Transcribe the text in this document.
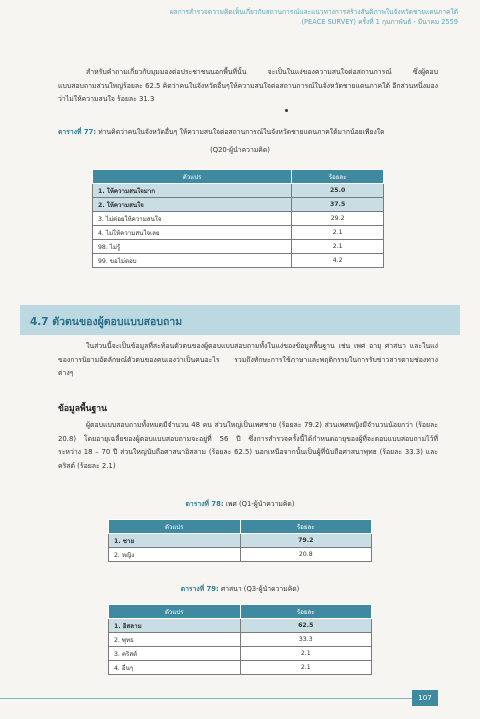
ผลการสำรวจความคิดเห็นเกี่ยวกับสถานการณ์และแนวทางการสร้างสันติภาพในจังหวัดชายแดนภาคใต้
(PEACE SURVEY) ครั้งที่ 1 กุมภาพันธ์ - มีนาคม 2559

สำหรับคำถามเกี่ยวกับมุมมองต่อประชาชนนอกพื้นที่นั้น จะเป็นในแง่ของความสนใจต่อสถานการณ์ ซึ่งผู้ตอบแบบสอบถามส่วนใหญ่ร้อยละ 62.5 คิดว่าคนในจังหวัดอื่นๆให้ความสนใจต่อสถานการณ์ในจังหวัดชายแดนภาคใต้ อีกส่วนหนึ่งมองว่าไม่ให้ความสนใจ ร้อยละ 31.3

ตารางที่ 77: ท่านคิดว่าคนในจังหวัดอื่นๆ ให้ความสนใจต่อสถานการณ์ในจังหวัดชายแดนภาคใต้มากน้อยเพียงใด

(Q20-ผู้นำความคิด)

ตัวแปร	ร้อยละ
1. ให้ความสนใจมาก	25.0
2. ให้ความสนใจ	37.5
3. ไม่ค่อยให้ความสนใจ	29.2
4. ไม่ให้ความสนใจเลย	2.1
98. ไม่รู้	2.1
99. ขอไม่ตอบ	4.2

4.7 ตัวตนของผู้ตอบแบบสอบถาม

ในส่วนนี้จะเป็นข้อมูลที่สะท้อนตัวตนของผู้ตอบแบบสอบถามทั้งในแง่ของข้อมูลพื้นฐาน เช่น เพศ อายุ ศาสนา และในแง่ของการนิยามอัตลักษณ์ตัวตนของคนเองว่าเป็นคนอะไร รวมถึงทักษะการใช้ภาษาและพฤติกรรมในการรับข่าวสารตามช่องทางต่างๆ

ข้อมูลพื้นฐาน

ผู้ตอบแบบสอบถามทั้งหมดมีจำนวน 48 คน ส่วนใหญ่เป็นเพศชาย (ร้อยละ 79.2) ส่วนเพศหญิงมีจำนวนน้อยกว่า (ร้อยละ 20.8) โดยอายุเฉลี่ยของผู้ตอบแบบสอบถามจะอยู่ที่ 56 ปี ซึ่งการสำรวจครั้งนี้ได้กำหนดอายุของผู้ที่จะตอบแบบสอบถามไว้ที่ระหว่าง 18 – 70 ปี ส่วนใหญ่นับถือศาสนาอิสลาม (ร้อยละ 62.5) นอกเหนือจากนั้นเป็นผู้ที่นับถือศาสนาพุทธ (ร้อยละ 33.3) และคริสต์ (ร้อยละ 2.1)

ตารางที่ 78: เพศ (Q1-ผู้นำความคิด)

ตัวแปร	ร้อยละ
1. ชาย	79.2
2. หญิง	20.8

ตารางที่ 79: ศาสนา (Q3-ผู้นำความคิด)

ตัวแปร	ร้อยละ
1. อิสลาม	62.5
2. พุทธ	33.3
3. คริสต์	2.1
4. อื่นๆ	2.1
107
